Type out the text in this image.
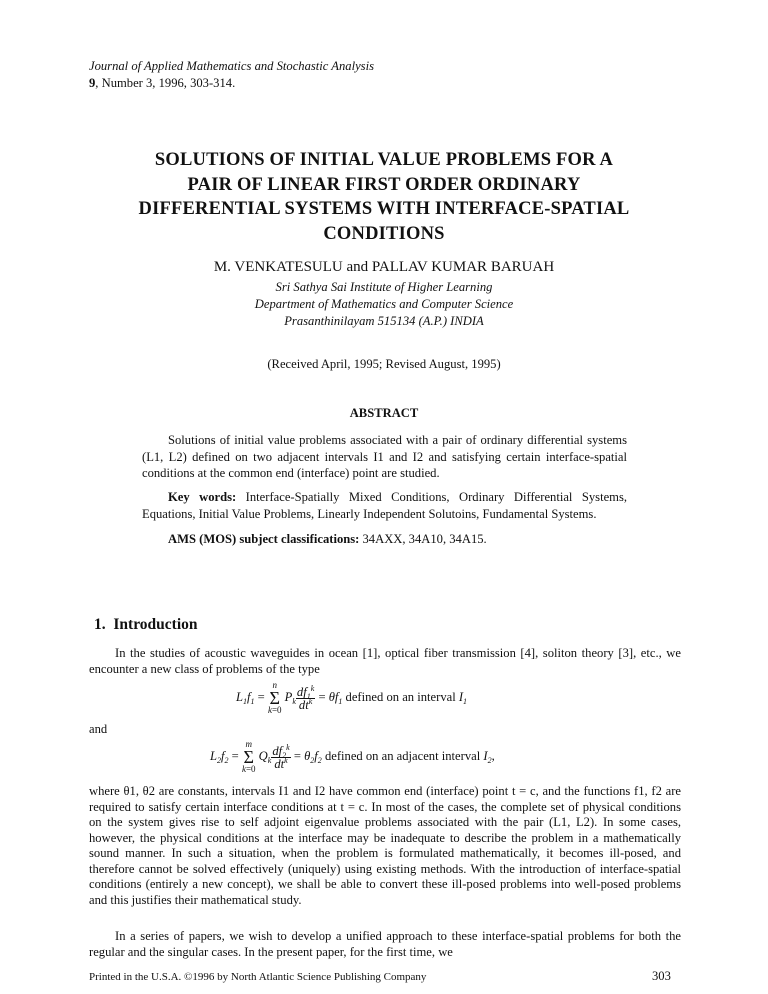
Journal of Applied Mathematics and Stochastic Analysis
9, Number 3, 1996, 303-314.
SOLUTIONS OF INITIAL VALUE PROBLEMS FOR A
PAIR OF LINEAR FIRST ORDER ORDINARY
DIFFERENTIAL SYSTEMS WITH INTERFACE-SPATIAL
CONDITIONS
M. VENKATESULU and PALLAV KUMAR BARUAH
Sri Sathya Sai Institute of Higher Learning
Department of Mathematics and Computer Science
Prasanthinilayam 515134 (A.P.) INDIA
(Received April, 1995; Revised August, 1995)
ABSTRACT
Solutions of initial value problems associated with a pair of ordinary differential systems (L1, L2) defined on two adjacent intervals I1 and I2 and satisfying certain interface-spatial conditions at the common end (interface) point are studied.
Key words: Interface-Spatially Mixed Conditions, Ordinary Differential Systems, Equations, Initial Value Problems, Linearly Independent Solutoins, Fundamental Systems.
AMS (MOS) subject classifications: 34AXX, 34A10, 34A15.
1. Introduction
In the studies of acoustic waveguides in ocean [1], optical fiber transmission [4], soliton theory [3], etc., we encounter a new class of problems of the type
$L_1f_1$ =
n
Σ
k=0
$P_k \frac{df_1^k}{dt^k} = \theta f_1$ defined on an interval $I_1$
and
$L_2f_2$ =
m
Σ
k=0
$Q_k \frac{df_2^k}{dt^k} = \theta_2f_2$ defined on an adjacent interval $I_2$,
where θ1, θ2 are constants, intervals I1 and I2 have common end (interface) point t = c, and the functions f1, f2 are required to satisfy certain interface conditions at t = c. In most of the cases, the complete set of physical conditions on the system gives rise to self adjoint eigenvalue problems associated with the pair (L1, L2). In some cases, however, the physical conditions at the interface may be inadequate to describe the problem in a mathematically sound manner. In such a situation, when the problem is formulated mathematically, it becomes ill-posed, and therefore cannot be solved effectively (uniquely) using existing methods. With the introduction of interface-spatial conditions (entirely a new concept), we shall be able to convert these ill-posed problems into well-posed problems and this justifies their mathematical study.
In a series of papers, we wish to develop a unified approach to these interface-spatial problems for both the regular and the singular cases. In the present paper, for the first time, we
Printed in the U.S.A. ©1996 by North Atlantic Science Publishing Company	303
